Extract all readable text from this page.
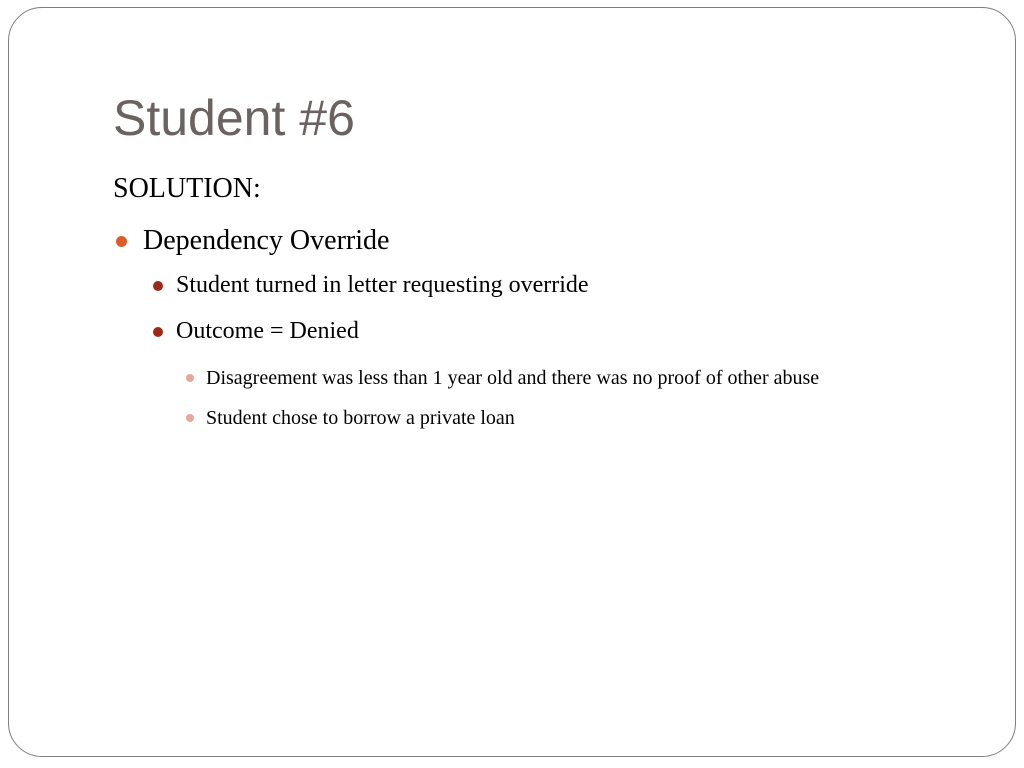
Student #6
SOLUTION:
Dependency Override
Student turned in letter requesting override
Outcome = Denied
Disagreement was less than 1 year old and there was no proof of other abuse
Student chose to borrow a private loan
